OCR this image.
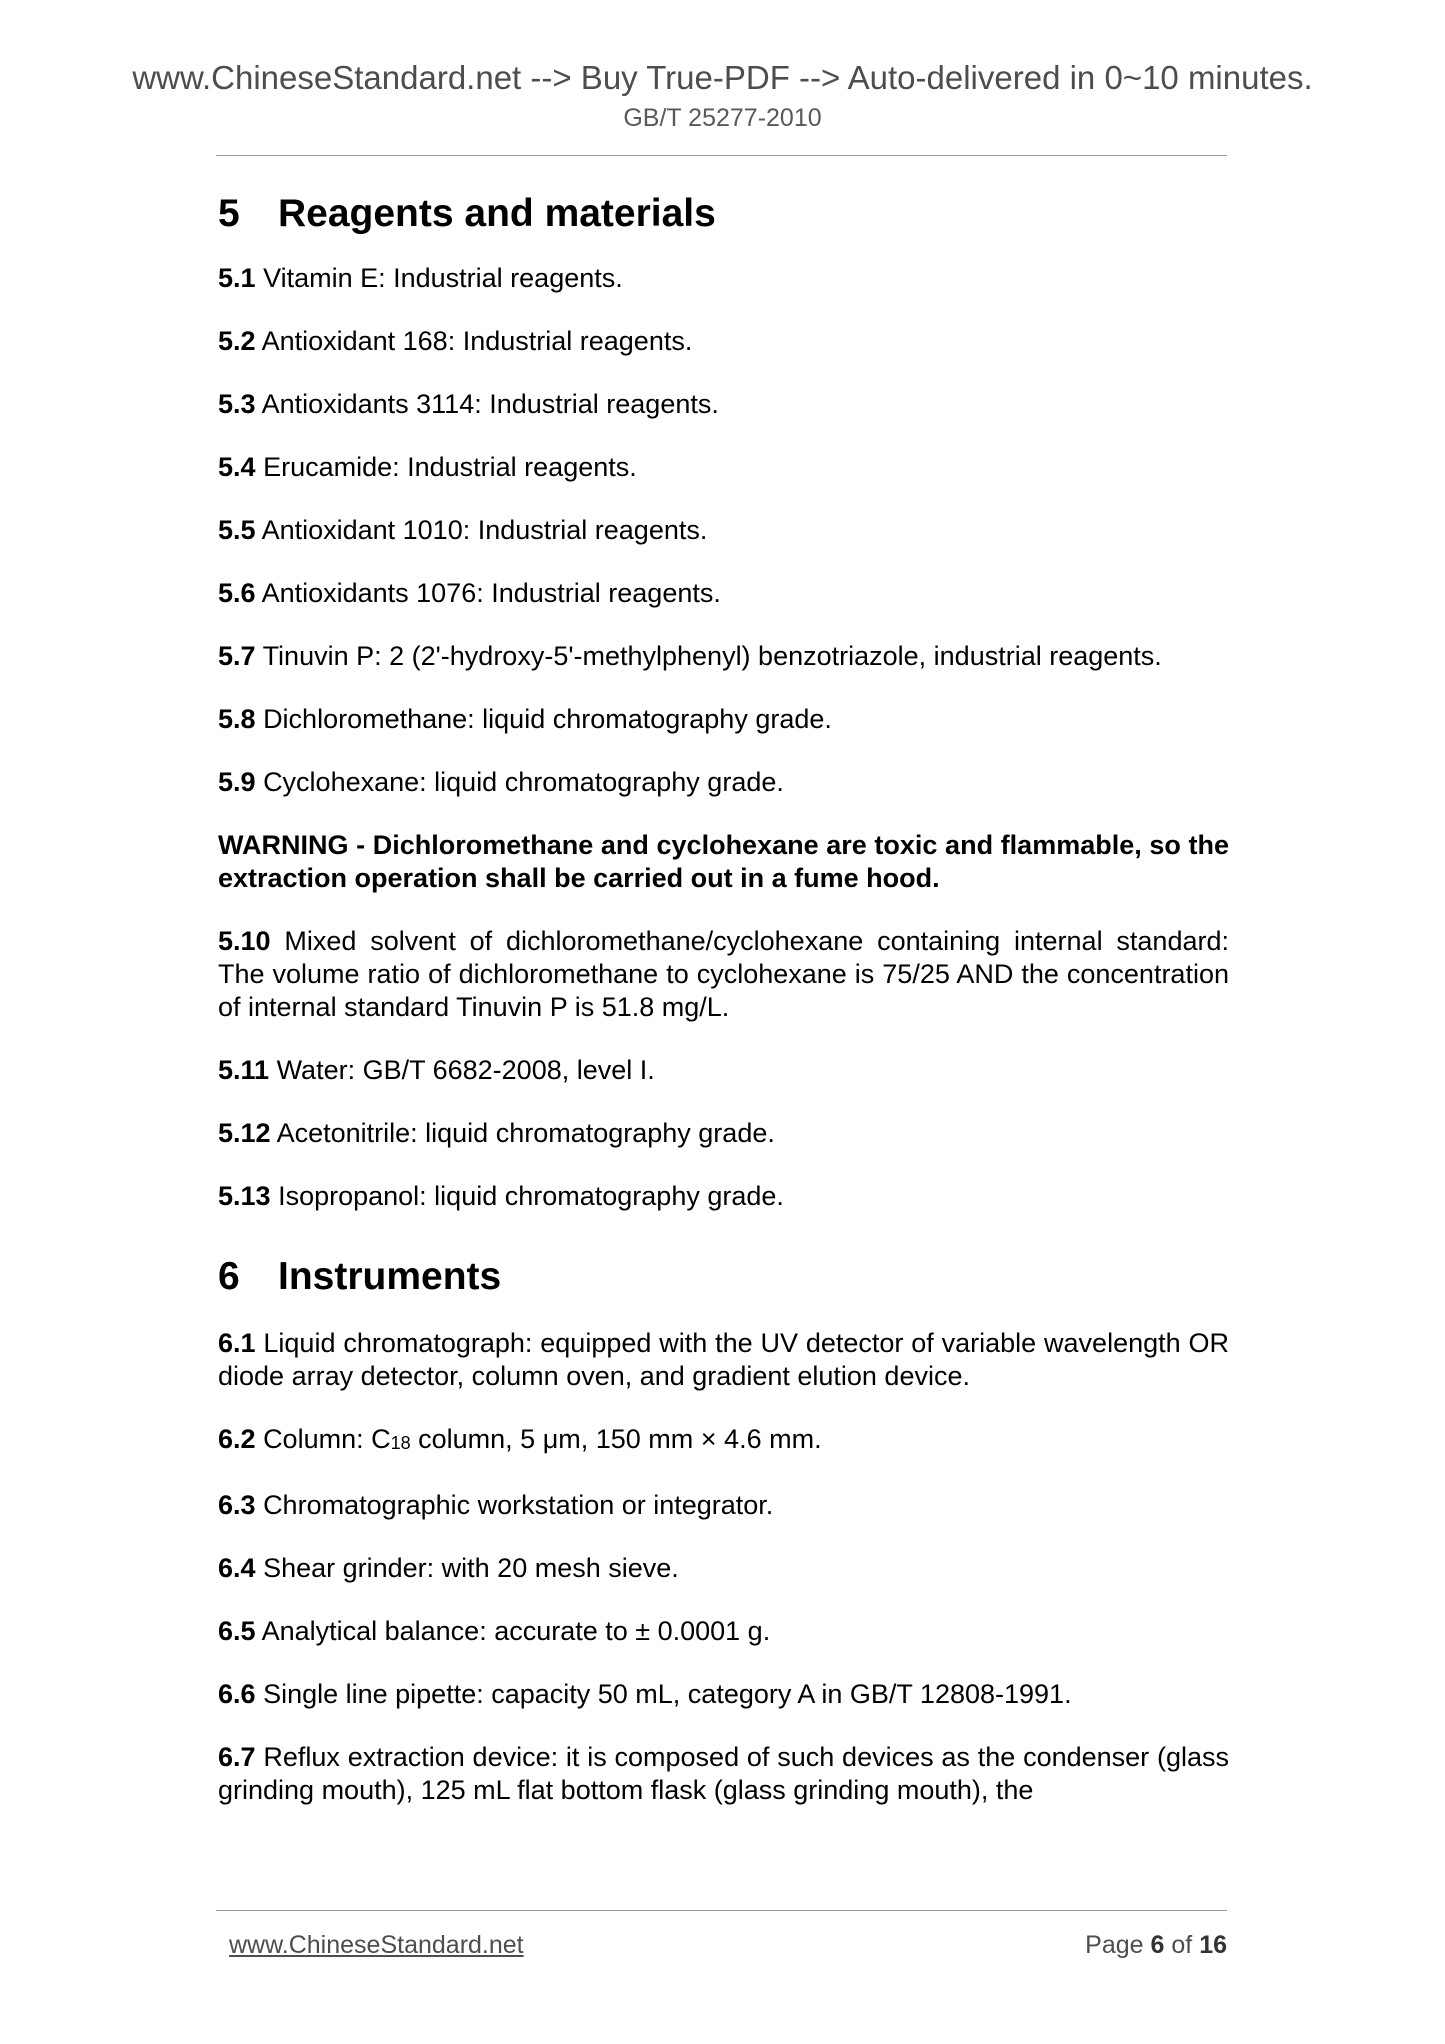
www.ChineseStandard.net --> Buy True-PDF --> Auto-delivered in 0~10 minutes.
GB/T 25277-2010
5 Reagents and materials

5.1 Vitamin E: Industrial reagents.

5.2 Antioxidant 168: Industrial reagents.

5.3 Antioxidants 3114: Industrial reagents.

5.4 Erucamide: Industrial reagents.

5.5 Antioxidant 1010: Industrial reagents.

5.6 Antioxidants 1076: Industrial reagents.

5.7 Tinuvin P: 2 (2'-hydroxy-5'-methylphenyl) benzotriazole, industrial reagents.

5.8 Dichloromethane: liquid chromatography grade.

5.9 Cyclohexane: liquid chromatography grade.

WARNING - Dichloromethane and cyclohexane are toxic and flammable, so the extraction operation shall be carried out in a fume hood.

5.10 Mixed solvent of dichloromethane/cyclohexane containing internal standard: The volume ratio of dichloromethane to cyclohexane is 75/25 AND the concentration of internal standard Tinuvin P is 51.8 mg/L.

5.11 Water: GB/T 6682-2008, level I.

5.12 Acetonitrile: liquid chromatography grade.

5.13 Isopropanol: liquid chromatography grade.

6 Instruments

6.1 Liquid chromatograph: equipped with the UV detector of variable wavelength OR diode array detector, column oven, and gradient elution device.

6.2 Column: $C_{18}$ column, 5 μm, 150 mm × 4.6 mm.

6.3 Chromatographic workstation or integrator.

6.4 Shear grinder: with 20 mesh sieve.

6.5 Analytical balance: accurate to ± 0.0001 g.

6.6 Single line pipette: capacity 50 mL, category A in GB/T 12808-1991.

6.7 Reflux extraction device: it is composed of such devices as the condenser (glass grinding mouth), 125 mL flat bottom flask (glass grinding mouth), the

www.ChineseStandard.net	Page 6 of 16
